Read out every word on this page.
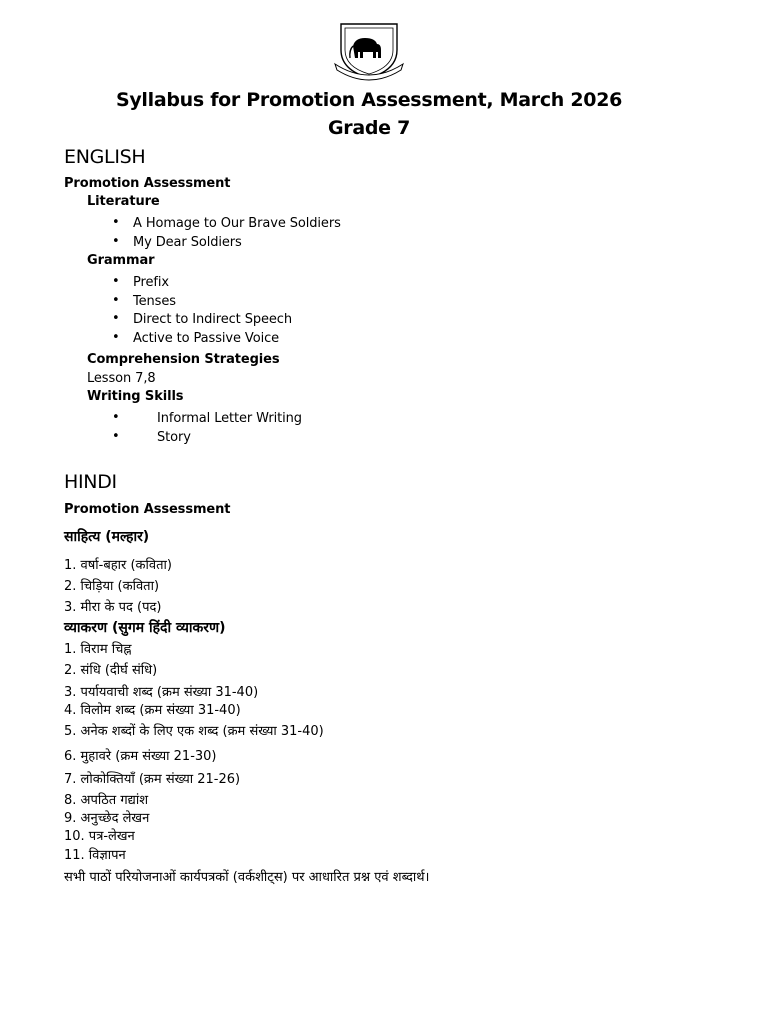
Syllabus for Promotion Assessment, March 2026
Grade 7
ENGLISH
Promotion Assessment
Literature
• A Homage to Our Brave Soldiers
• My Dear Soldiers
Grammar
• Prefix
• Tenses
• Direct to Indirect Speech
• Active to Passive Voice
Comprehension Strategies
Lesson 7,8
Writing Skills
•	Informal Letter Writing
•	Story
HINDI
Promotion Assessment
साहित्य (मल्हार)
1. वर्षा-बहार (कविता)
2. चिड़िया (कविता)
3. मीरा के पद (पद)
व्याकरण (सुगम हिंदी व्याकरण)
1. विराम चिह्न
2. संधि (दीर्घ संधि)
3. पर्यायवाची शब्द (क्रम संख्या 31-40)
4. विलोम शब्द (क्रम संख्या 31-40)
5. अनेक शब्दों के लिए एक शब्द (क्रम संख्या 31-40)
6. मुहावरे (क्रम संख्या 21-30)
7. लोकोक्तियाँ (क्रम संख्या 21-26)
8. अपठित गद्यांश
9. अनुच्छेद लेखन
10. पत्र-लेखन
11. विज्ञापन
सभी पाठों परियोजनाओं कार्यपत्रकों (वर्कशीट्स) पर आधारित प्रश्न एवं शब्दार्थ।
